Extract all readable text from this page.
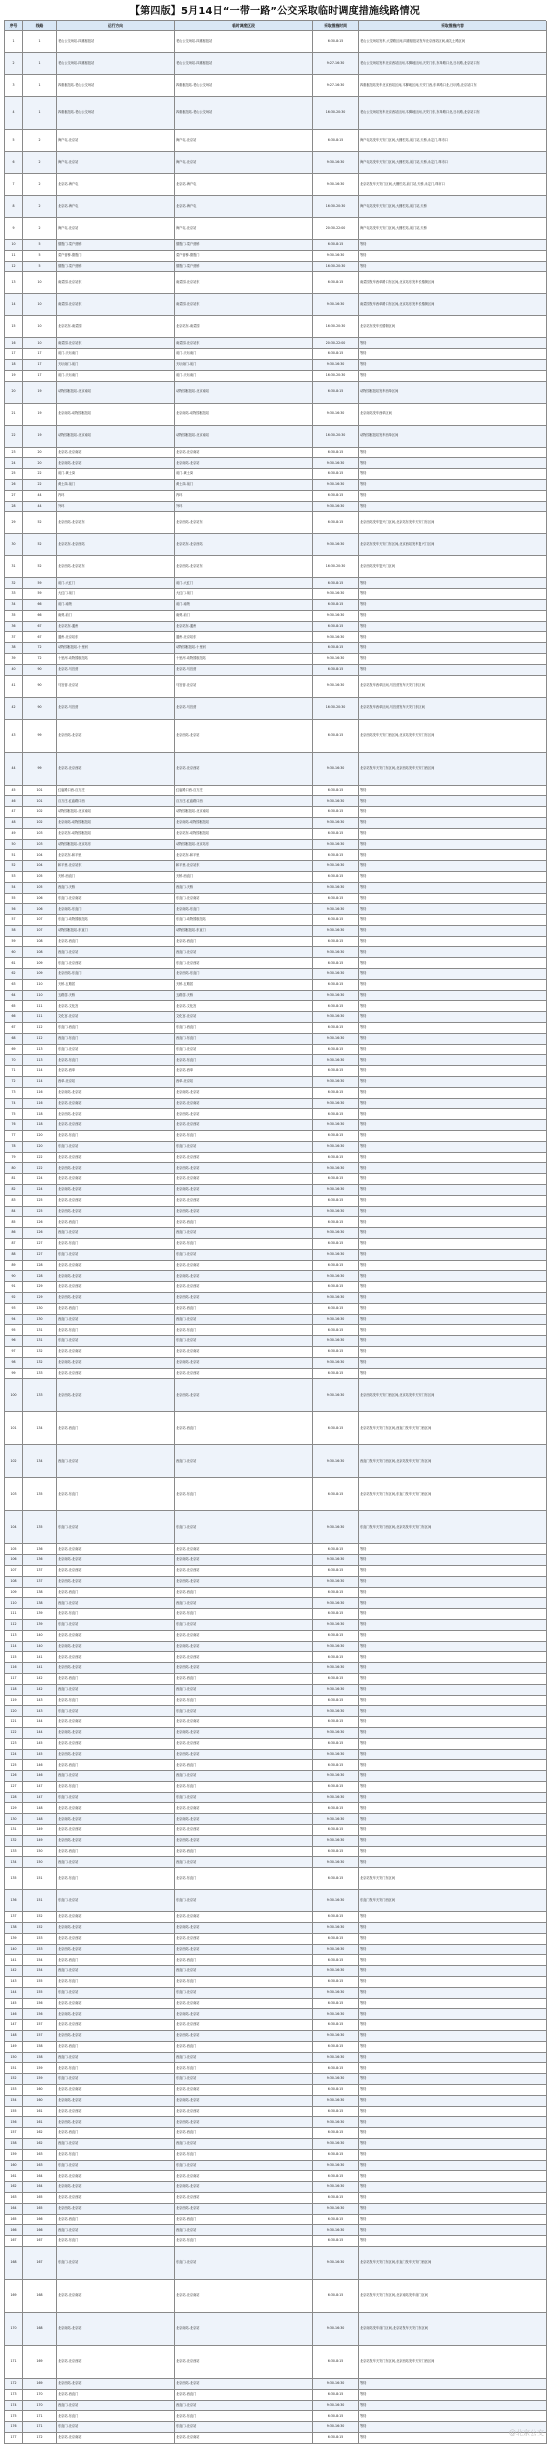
【第四版】5月14日“一带一路”公交采取临时调度措施线路情况
序号	线路	运行方向	临时调度区段	采取措施时间	采取措施内容
1	1	老山公交场站-四惠枢纽站	老山公交场站-四惠枢纽站	6:30-8:15	老山公交场站发车,大望路区间,四惠枢纽站发车北京西站区间,南礼士路区间
2	1	老山公交场站-四惠枢纽站	老山公交场站-四惠枢纽站	9:27-16:30	老山公交场站发车北京西站区间,木樨地区间,天安门东,东单路口北,日坛路,北京站口东
3	1	四惠枢纽站-老山公交场站	四惠枢纽站-老山公交场站	9:27-16:30	四惠枢纽站发车北京西站区间,木樨地区间,天安门西,东单路口北,日坛路,北京站口东
4	1	四惠枢纽站-老山公交场站	四惠枢纽站-老山公交场站	16:30-20:30	老山公交场站发车北京西站区间,木樨地区间,天安门东,东单路口北,日坛路,北京站口东
5	2	海户屯-北京站	海户屯-北京站	6:30-8:15	海户屯站发车天安门区间,大栅栏站,前门站,天桥,永定门,珠市口
6	2	海户屯-北京站	海户屯-北京站	9:30-16:30	海户屯站发车天安门区间,大栅栏站,前门站,天桥,永定门,珠市口
7	2	北京站-海户屯	北京站-海户屯	9:30-16:30	北京站发车天安门区间,大栅栏站,前门站,天桥,永定门,珠市口
8	2	北京站-海户屯	北京站-海户屯	16:30-20:30	海户屯站发车天安门区间,大栅栏站,前门站,天桥
9	2	海户屯-北京站	海户屯-北京站	20:30-22:00	海户屯站发车天安门区间,大栅栏站,前门站,天桥
10	5	德胜门-菜户营桥	德胜门-菜户营桥	6:30-8:15	等待
11	5	菜户营桥-德胜门	菜户营桥-德胜门	9:30-16:30	等待
12	5	德胜门-菜户营桥	德胜门-菜户营桥	16:30-20:30	等待
13	10	南菜园-北京站东	南菜园-北京站东	6:30-8:15	南菜园发车西单路口东区间,北京站东发车长椿街区间
14	10	南菜园-北京站东	南菜园-北京站东	9:30-16:30	南菜园发车西单路口东区间,北京站东发车长椿街区间
15	10	北京站东-南菜园	北京站东-南菜园	16:30-20:30	北京站东发车长椿街区间
16	10	南菜园-北京站东	南菜园-北京站东	20:30-22:00	等待
17	17	前门-天坛南门	前门-天坛南门	6:30-8:15	等待
18	17	天坛南门-前门	天坛南门-前门	9:30-16:30	等待
19	17	前门-天坛南门	前门-天坛南门	16:30-20:30	等待
20	19	动物园枢纽站-北京南站	动物园枢纽站-北京南站	6:30-8:15	动物园枢纽站发车西单区间
21	19	北京南站-动物园枢纽站	北京南站-动物园枢纽站	9:30-16:30	北京南站发车西单区间
22	19	动物园枢纽站-北京南站	动物园枢纽站-北京南站	16:30-20:30	动物园枢纽站发车西单区间
23	20	北京站-北京南站	北京站-北京南站	6:30-8:15	等待
24	20	北京南站-北京站	北京南站-北京站	9:30-16:30	等待
25	22	前门-黄土岗	前门-黄土岗	6:30-8:15	等待
26	22	黄土岗-前门	黄土岗-前门	9:30-16:30	等待
27	44	内环	内环	6:30-8:15	等待
28	44	外环	外环	9:30-16:30	等待
29	52	北京西站-北京站东	北京西站-北京站东	6:30-8:15	北京西站发车复兴门区间,北京站东发车天安门东区间
30	52	北京站东-北京西站	北京站东-北京西站	9:30-16:30	北京站东发车天安门东区间,北京西站发车复兴门区间
31	52	北京西站-北京站东	北京西站-北京站东	16:30-20:30	北京西站发车复兴门区间
32	59	前门-大红门	前门-大红门	6:30-8:15	等待
33	59	大红门-前门	大红门-前门	9:30-16:30	等待
34	66	前门-南苑	前门-南苑	6:30-8:15	等待
35	66	南苑-前门	南苑-前门	9:30-16:30	等待
36	67	北京站东-通州	北京站东-通州	6:30-8:15	等待
37	67	通州-北京站东	通州-北京站东	9:30-16:30	等待
38	72	动物园枢纽站-十里河	动物园枢纽站-十里河	6:30-8:15	等待
39	72	十里河-动物园枢纽站	十里河-动物园枢纽站	9:30-16:30	等待
40	90	北京站-马官营	北京站-马官营	6:30-8:15	等待
41	90	马官营-北京站	马官营-北京站	9:30-16:30	北京站发车西单区间,马官营发车天安门东区间
42	90	北京站-马官营	北京站-马官营	16:30-20:30	北京站发车西单区间,马官营发车天安门东区间
43	99	北京西站-北京站	北京西站-北京站	6:30-8:15	北京西站发车天安门西区间,北京站发车天安门东区间
44	99	北京站-北京西站	北京站-北京西站	9:30-16:30	北京站发车天安门东区间,北京西站发车天安门西区间
45	101	红庙路口西-百万庄	红庙路口西-百万庄	6:30-8:15	等待
46	101	百万庄-红庙路口西	百万庄-红庙路口西	9:30-16:30	等待
47	102	动物园枢纽站-北京南站	动物园枢纽站-北京南站	6:30-8:15	等待
48	102	北京南站-动物园枢纽站	北京南站-动物园枢纽站	9:30-16:30	等待
49	103	北京站东-动物园枢纽站	北京站东-动物园枢纽站	6:30-8:15	等待
50	103	动物园枢纽站-北京站东	动物园枢纽站-北京站东	9:30-16:30	等待
51	104	北京站东-和平里	北京站东-和平里	6:30-8:15	等待
52	104	和平里-北京站东	和平里-北京站东	9:30-16:30	等待
53	105	天桥-西直门	天桥-西直门	6:30-8:15	等待
54	105	西直门-天桥	西直门-天桥	9:30-16:30	等待
55	106	东直门-北京南站	东直门-北京南站	6:30-8:15	等待
56	106	北京南站-东直门	北京南站-东直门	9:30-16:30	等待
57	107	东直门-动物园枢纽站	东直门-动物园枢纽站	6:30-8:15	等待
58	107	动物园枢纽站-东直门	动物园枢纽站-东直门	9:30-16:30	等待
59	108	北京站-西直门	北京站-西直门	6:30-8:15	等待
60	108	西直门-北京站	西直门-北京站	9:30-16:30	等待
61	109	东直门-北京西站	东直门-北京西站	6:30-8:15	等待
62	109	北京西站-东直门	北京西站-东直门	9:30-16:30	等待
63	110	天桥-五路居	天桥-五路居	6:30-8:15	等待
64	110	五路居-天桥	五路居-天桥	9:30-16:30	等待
65	111	北京站-文化宫	北京站-文化宫	6:30-8:15	等待
66	111	文化宫-北京站	文化宫-北京站	9:30-16:30	等待
67	112	东直门-西直门	东直门-西直门	6:30-8:15	等待
68	112	西直门-东直门	西直门-东直门	9:30-16:30	等待
69	113	东直门-北京站	东直门-北京站	6:30-8:15	等待
70	113	北京站-东直门	北京站-东直门	9:30-16:30	等待
71	114	北京站-西单	北京站-西单	6:30-8:15	等待
72	114	西单-北京站	西单-北京站	9:30-16:30	等待
73	116	北京南站-北京站	北京南站-北京站	6:30-8:15	等待
74	116	北京站-北京南站	北京站-北京南站	9:30-16:30	等待
75	118	北京西站-北京站	北京西站-北京站	6:30-8:15	等待
76	118	北京站-北京西站	北京站-北京西站	9:30-16:30	等待
77	120	北京站-东直门	北京站-东直门	6:30-8:15	等待
78	120	东直门-北京站	东直门-北京站	9:30-16:30	等待
79	122	北京站-北京西站	北京站-北京西站	6:30-8:15	等待
80	122	北京西站-北京站	北京西站-北京站	9:30-16:30	等待
81	124	北京站-北京南站	北京站-北京南站	6:30-8:15	等待
82	124	北京南站-北京站	北京南站-北京站	9:30-16:30	等待
83	125	北京站-北京西站	北京站-北京西站	6:30-8:15	等待
84	125	北京西站-北京站	北京西站-北京站	9:30-16:30	等待
85	126	北京站-西直门	北京站-西直门	6:30-8:15	等待
86	126	西直门-北京站	西直门-北京站	9:30-16:30	等待
87	127	北京站-东直门	北京站-东直门	6:30-8:15	等待
88	127	东直门-北京站	东直门-北京站	9:30-16:30	等待
89	128	北京站-北京南站	北京站-北京南站	6:30-8:15	等待
90	128	北京南站-北京站	北京南站-北京站	9:30-16:30	等待
91	129	北京站-北京西站	北京站-北京西站	6:30-8:15	等待
92	129	北京西站-北京站	北京西站-北京站	9:30-16:30	等待
93	130	北京站-西直门	北京站-西直门	6:30-8:15	等待
94	130	西直门-北京站	西直门-北京站	9:30-16:30	等待
95	131	北京站-东直门	北京站-东直门	6:30-8:15	等待
96	131	东直门-北京站	东直门-北京站	9:30-16:30	等待
97	132	北京站-北京南站	北京站-北京南站	6:30-8:15	等待
98	132	北京南站-北京站	北京南站-北京站	9:30-16:30	等待
99	133	北京站-北京西站	北京站-北京西站	6:30-8:15	等待
100	133	北京西站-北京站	北京西站-北京站	9:30-16:30	北京西站发车天安门西区间,北京站发车天安门东区间
101	134	北京站-西直门	北京站-西直门	6:30-8:15	北京站发车天安门东区间,西直门发车天安门西区间
102	134	西直门-北京站	西直门-北京站	9:30-16:30	西直门发车天安门西区间,北京站发车天安门东区间
103	135	北京站-东直门	北京站-东直门	6:30-8:15	北京站发车天安门东区间,东直门发车天安门西区间
104	135	东直门-北京站	东直门-北京站	9:30-16:30	东直门发车天安门西区间,北京站发车天安门东区间
105	136	北京站-北京南站	北京站-北京南站	6:30-8:15	等待
106	136	北京南站-北京站	北京南站-北京站	9:30-16:30	等待
107	137	北京站-北京西站	北京站-北京西站	6:30-8:15	等待
108	137	北京西站-北京站	北京西站-北京站	9:30-16:30	等待
109	138	北京站-西直门	北京站-西直门	6:30-8:15	等待
110	138	西直门-北京站	西直门-北京站	9:30-16:30	等待
111	139	北京站-东直门	北京站-东直门	6:30-8:15	等待
112	139	东直门-北京站	东直门-北京站	9:30-16:30	等待
113	140	北京站-北京南站	北京站-北京南站	6:30-8:15	等待
114	140	北京南站-北京站	北京南站-北京站	9:30-16:30	等待
115	141	北京站-北京西站	北京站-北京西站	6:30-8:15	等待
116	141	北京西站-北京站	北京西站-北京站	9:30-16:30	等待
117	142	北京站-西直门	北京站-西直门	6:30-8:15	等待
118	142	西直门-北京站	西直门-北京站	9:30-16:30	等待
119	143	北京站-东直门	北京站-东直门	6:30-8:15	等待
120	143	东直门-北京站	东直门-北京站	9:30-16:30	等待
121	144	北京站-北京南站	北京站-北京南站	6:30-8:15	等待
122	144	北京南站-北京站	北京南站-北京站	9:30-16:30	等待
123	145	北京站-北京西站	北京站-北京西站	6:30-8:15	等待
124	145	北京西站-北京站	北京西站-北京站	9:30-16:30	等待
125	146	北京站-西直门	北京站-西直门	6:30-8:15	等待
126	146	西直门-北京站	西直门-北京站	9:30-16:30	等待
127	147	北京站-东直门	北京站-东直门	6:30-8:15	等待
128	147	东直门-北京站	东直门-北京站	9:30-16:30	等待
129	148	北京站-北京南站	北京站-北京南站	6:30-8:15	等待
130	148	北京南站-北京站	北京南站-北京站	9:30-16:30	等待
131	149	北京站-北京西站	北京站-北京西站	6:30-8:15	等待
132	149	北京西站-北京站	北京西站-北京站	9:30-16:30	等待
133	150	北京站-西直门	北京站-西直门	6:30-8:15	等待
134	150	西直门-北京站	西直门-北京站	9:30-16:30	等待
135	151	北京站-东直门	北京站-东直门	6:30-8:15	北京站发车天安门东区间
136	151	东直门-北京站	东直门-北京站	9:30-16:30	东直门发车天安门西区间
137	152	北京站-北京南站	北京站-北京南站	6:30-8:15	等待
138	152	北京南站-北京站	北京南站-北京站	9:30-16:30	等待
139	153	北京站-北京西站	北京站-北京西站	6:30-8:15	等待
140	153	北京西站-北京站	北京西站-北京站	9:30-16:30	等待
141	154	北京站-西直门	北京站-西直门	6:30-8:15	等待
142	154	西直门-北京站	西直门-北京站	9:30-16:30	等待
143	155	北京站-东直门	北京站-东直门	6:30-8:15	等待
144	155	东直门-北京站	东直门-北京站	9:30-16:30	等待
145	156	北京站-北京南站	北京站-北京南站	6:30-8:15	等待
146	156	北京南站-北京站	北京南站-北京站	9:30-16:30	等待
147	157	北京站-北京西站	北京站-北京西站	6:30-8:15	等待
148	157	北京西站-北京站	北京西站-北京站	9:30-16:30	等待
149	158	北京站-西直门	北京站-西直门	6:30-8:15	等待
150	158	西直门-北京站	西直门-北京站	9:30-16:30	等待
151	159	北京站-东直门	北京站-东直门	6:30-8:15	等待
152	159	东直门-北京站	东直门-北京站	9:30-16:30	等待
153	160	北京站-北京南站	北京站-北京南站	6:30-8:15	等待
154	160	北京南站-北京站	北京南站-北京站	9:30-16:30	等待
155	161	北京站-北京西站	北京站-北京西站	6:30-8:15	等待
156	161	北京西站-北京站	北京西站-北京站	9:30-16:30	等待
157	162	北京站-西直门	北京站-西直门	6:30-8:15	等待
158	162	西直门-北京站	西直门-北京站	9:30-16:30	等待
159	163	北京站-东直门	北京站-东直门	6:30-8:15	等待
160	163	东直门-北京站	东直门-北京站	9:30-16:30	等待
161	164	北京站-北京南站	北京站-北京南站	6:30-8:15	等待
162	164	北京南站-北京站	北京南站-北京站	9:30-16:30	等待
163	165	北京站-北京西站	北京站-北京西站	6:30-8:15	等待
164	165	北京西站-北京站	北京西站-北京站	9:30-16:30	等待
165	166	北京站-西直门	北京站-西直门	6:30-8:15	等待
166	166	西直门-北京站	西直门-北京站	9:30-16:30	等待
167	167	北京站-东直门	北京站-东直门	6:30-8:15	等待
168	167	东直门-北京站	东直门-北京站	9:30-16:30	北京站发车天安门东区间,东直门发车天安门西区间
169	168	北京站-北京南站	北京站-北京南站	6:30-8:15	北京站发车天安门东区间,北京南站发车前门区间
170	168	北京南站-北京站	北京南站-北京站	9:30-16:30	北京南站发车前门区间,北京站发车天安门东区间
171	169	北京站-北京西站	北京站-北京西站	6:30-8:15	北京站发车天安门东区间,北京西站发车天安门西区间
172	169	北京西站-北京站	北京西站-北京站	9:30-16:30	等待
173	170	北京站-西直门	北京站-西直门	6:30-8:15	等待
174	170	西直门-北京站	西直门-北京站	9:30-16:30	等待
175	171	北京站-东直门	北京站-东直门	6:30-8:15	等待
176	171	东直门-北京站	东直门-北京站	9:30-16:30	等待
177	172	北京站-北京南站	北京站-北京南站	6:30-8:15	等待
@北京公交
